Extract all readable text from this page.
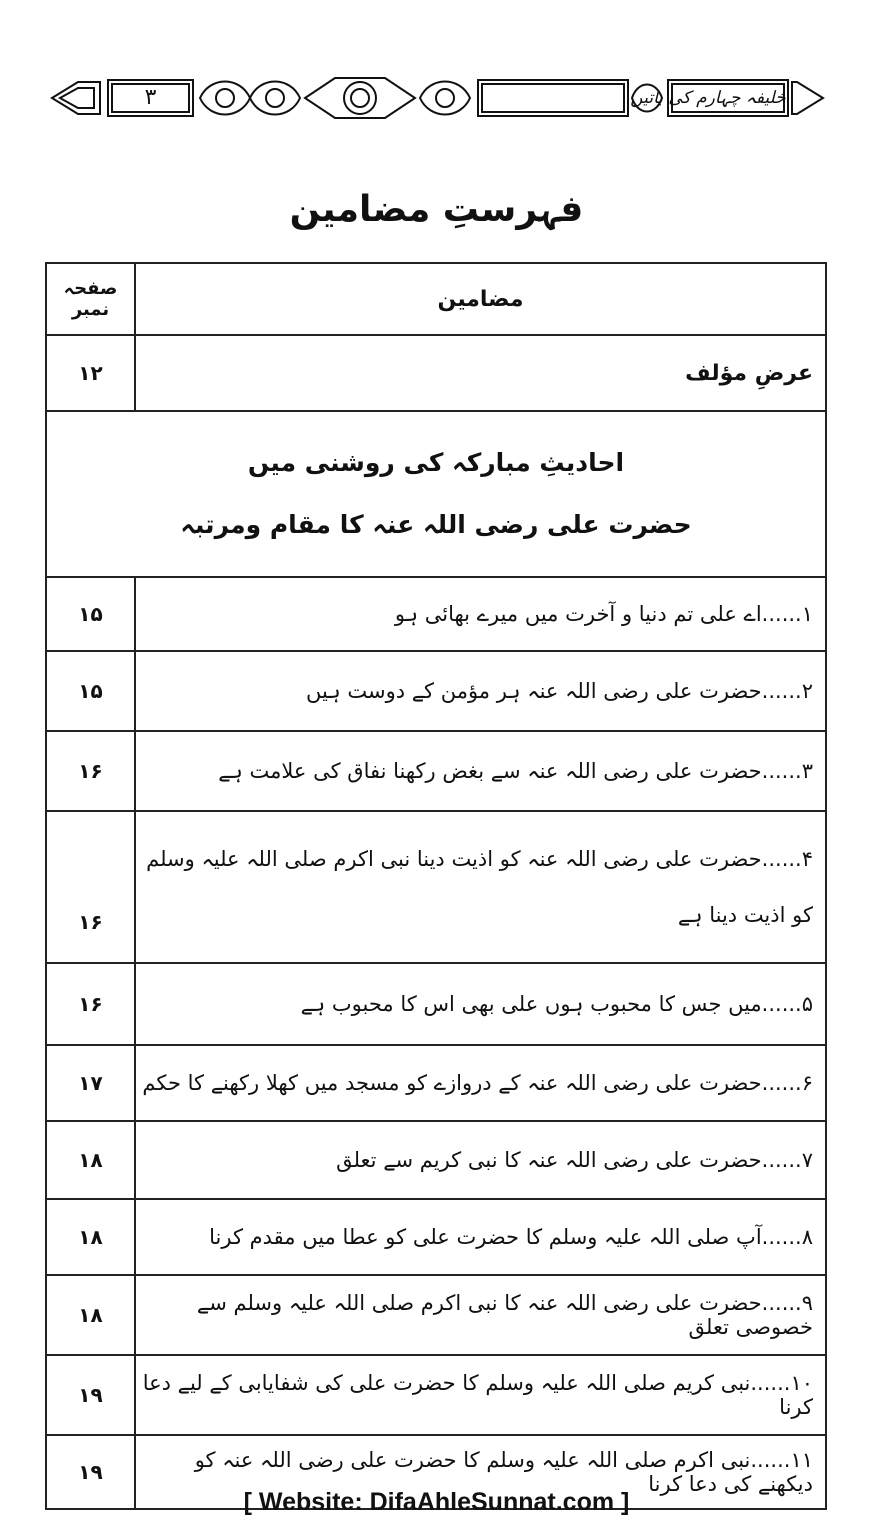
۳	خلیفہ چہارم کی باتیں
فہرستِ مضامین
صفحہ نمبر	مضامین
۱۲	عرضِ مؤلف

احادیثِ مبارکہ کی روشنی میں
حضرت علی رضی اللہ عنہ کا مقام ومرتبہ	

۱۵	۱......اے علی تم دنیا و آخرت میں میرے بھائی ہو
۱۵	۲......حضرت علی رضی اللہ عنہ ہر مؤمن کے دوست ہیں
۱۶	۳......حضرت علی رضی اللہ عنہ سے بغض رکھنا نفاق کی علامت ہے
۱۶	۴......حضرت علی رضی اللہ عنہ کو اذیت دینا نبی اکرم صلی اللہ علیہ وسلم کو اذیت دینا ہے
۱۶	۵......میں جس کا محبوب ہوں علی بھی اس کا محبوب ہے
۱۷	۶......حضرت علی رضی اللہ عنہ کے دروازے کو مسجد میں کھلا رکھنے کا حکم
۱۸	۷......حضرت علی رضی اللہ عنہ کا نبی کریم سے تعلق
۱۸	۸......آپ صلی اللہ علیہ وسلم کا حضرت علی کو عطا میں مقدم کرنا
۱۸	۹......حضرت علی رضی اللہ عنہ کا نبی اکرم صلی اللہ علیہ وسلم سے خصوصی تعلق
۱۹	۱۰......نبی کریم صلی اللہ علیہ وسلم کا حضرت علی کی شفایابی کے لیے دعا کرنا
۱۹	۱۱......نبی اکرم صلی اللہ علیہ وسلم کا حضرت علی رضی اللہ عنہ کو دیکھنے کی دعا کرنا
[ Website: DifaAhleSunnat.com ]
